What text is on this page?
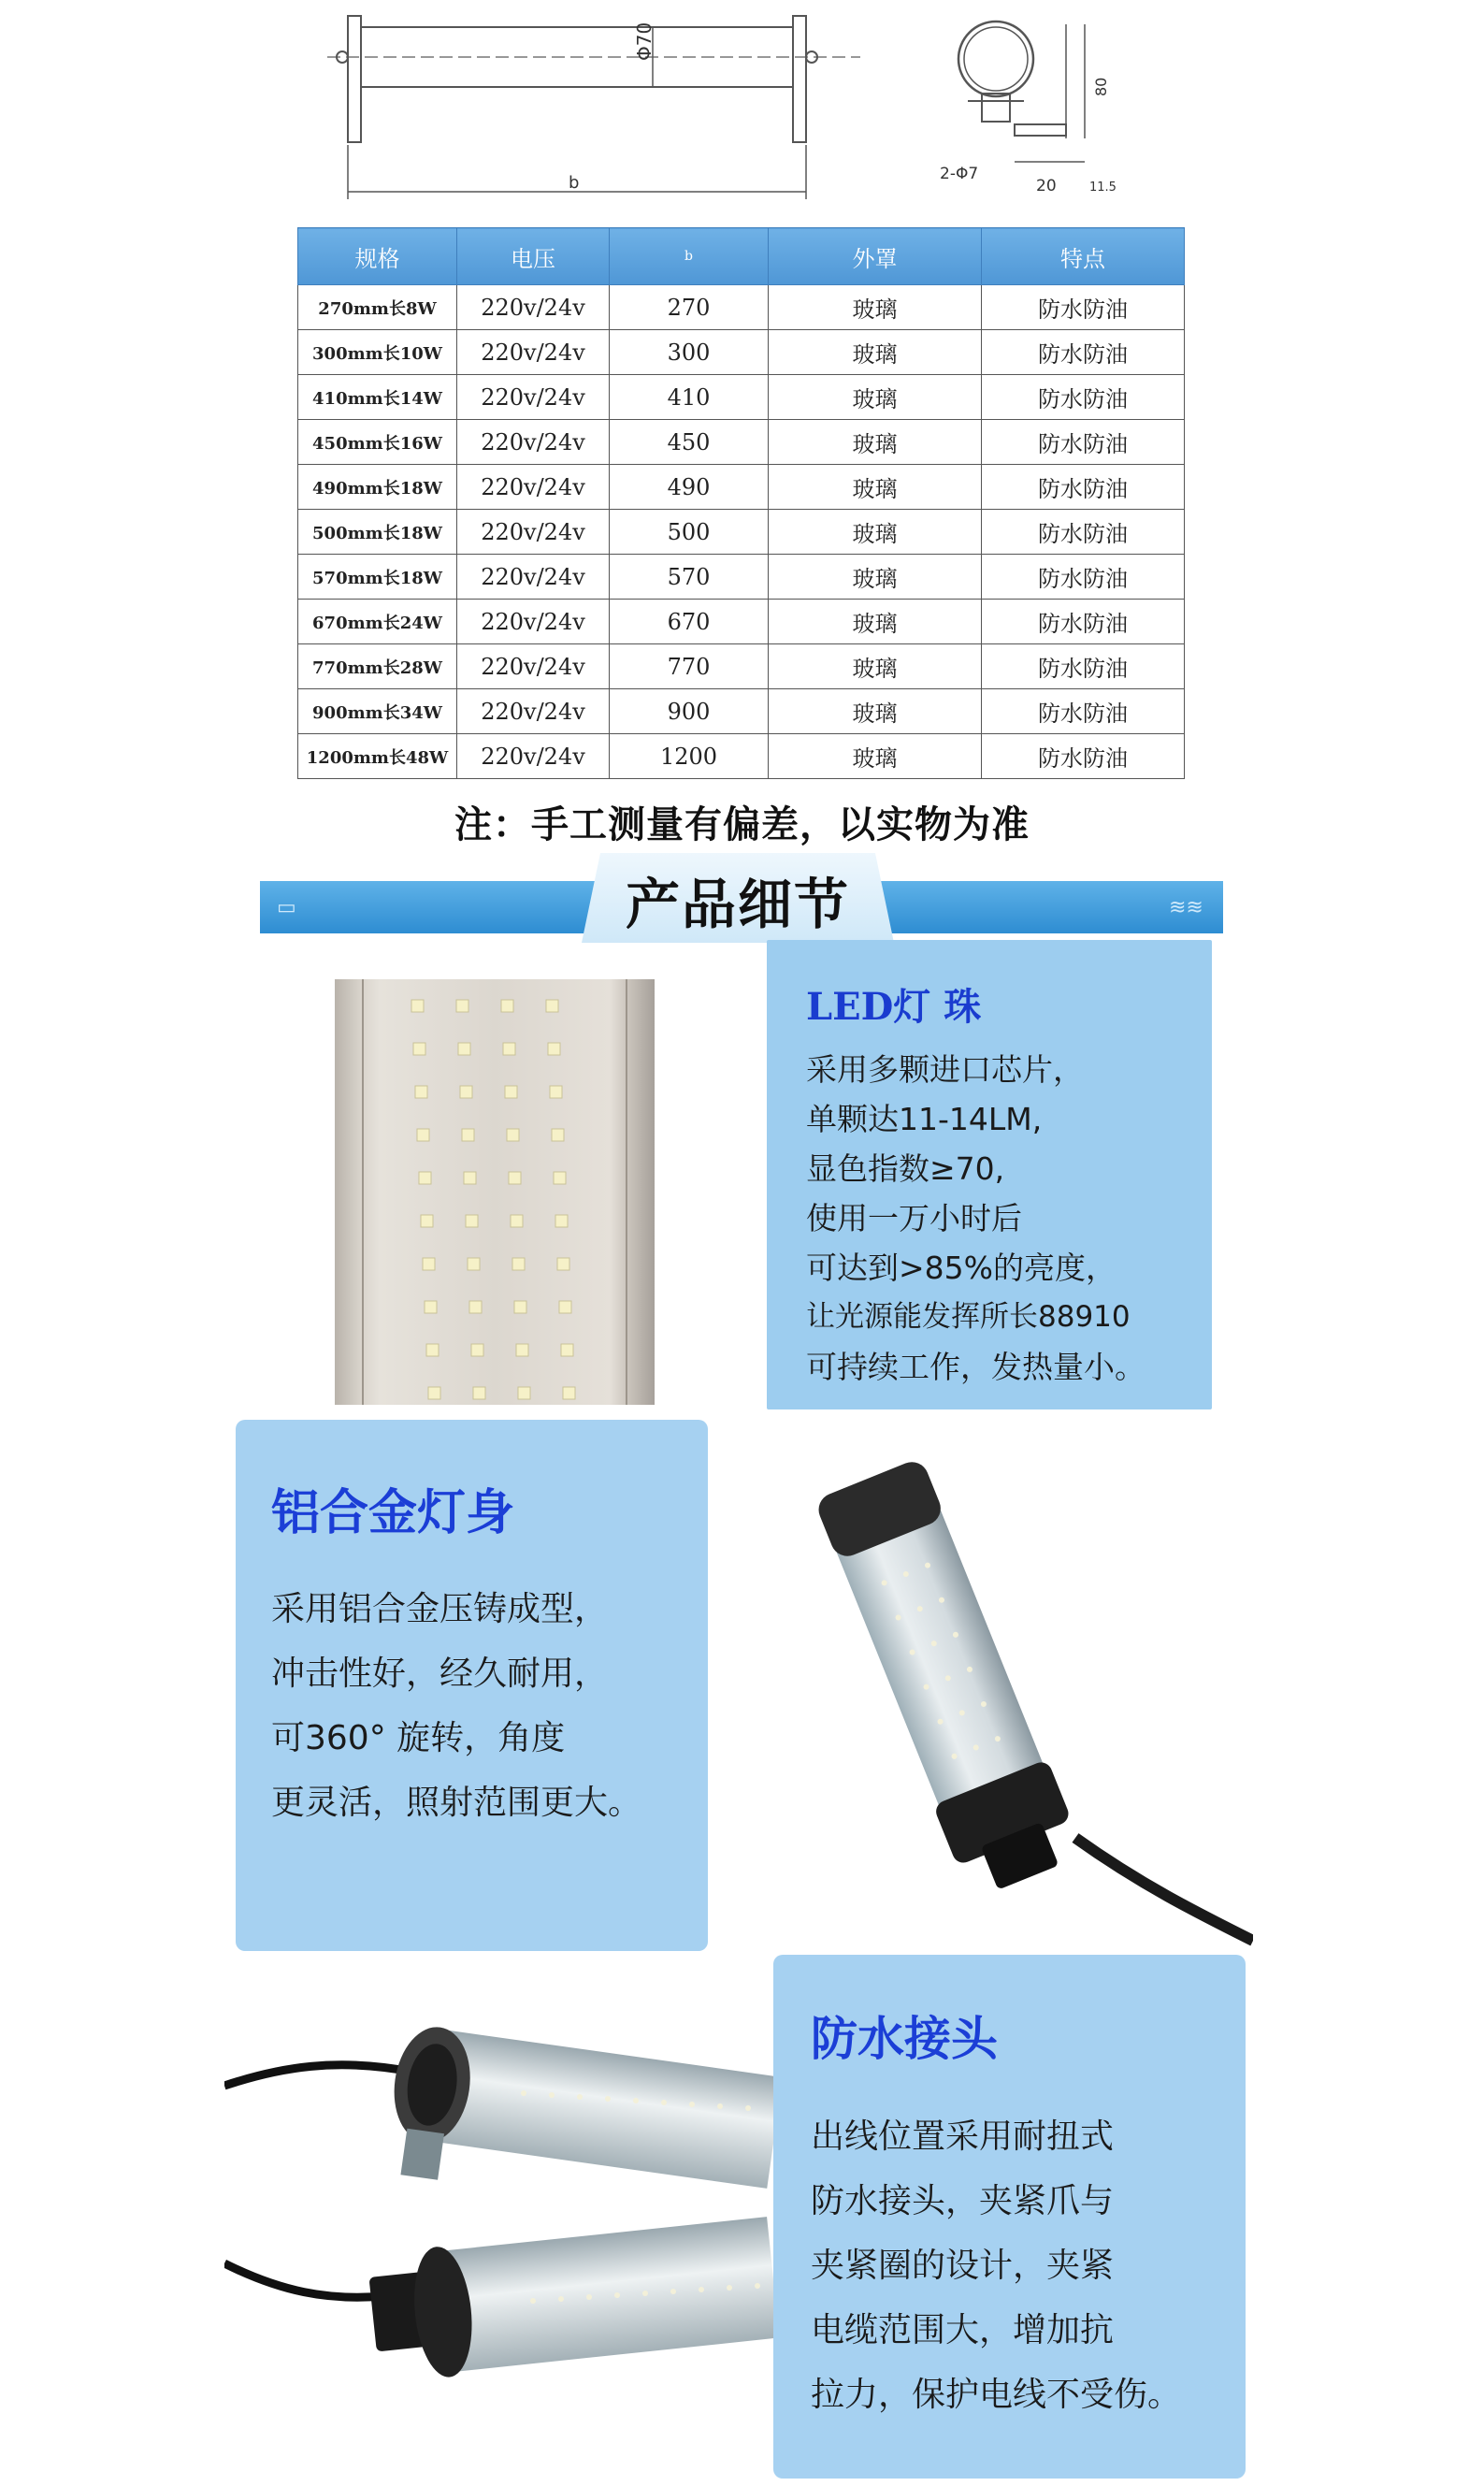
Φ70
b
80
2-Φ7
20	11.5
规格	电压	b	外罩	特点
270mm长8W	220v/24v	270	玻璃	防水防油
300mm长10W	220v/24v	300	玻璃	防水防油
410mm长14W	220v/24v	410	玻璃	防水防油
450mm长16W	220v/24v	450	玻璃	防水防油
490mm长18W	220v/24v	490	玻璃	防水防油
500mm长18W	220v/24v	500	玻璃	防水防油
570mm长18W	220v/24v	570	玻璃	防水防油
670mm长24W	220v/24v	670	玻璃	防水防油
770mm长28W	220v/24v	770	玻璃	防水防油
900mm长34W	220v/24v	900	玻璃	防水防油
1200mm长48W	220v/24v	1200	玻璃	防水防油
注：手工测量有偏差，以实物为准
▭	≋≋
产品细节
LED灯 珠
采用多颗进口芯片，
单颗达11-14LM,
显色指数≥70,
使用一万小时后
可达到>85%的亮度，
让光源能发挥所长88910
可持续工作，发热量小。
铝合金灯身
采用铝合金压铸成型，
冲击性好，经久耐用，
可360° 旋转，角度
更灵活，照射范围更大。
防水接头
出线位置采用耐扭式
防水接头，夹紧爪与
夹紧圈的设计，夹紧
电缆范围大，增加抗
拉力，保护电线不受伤。
